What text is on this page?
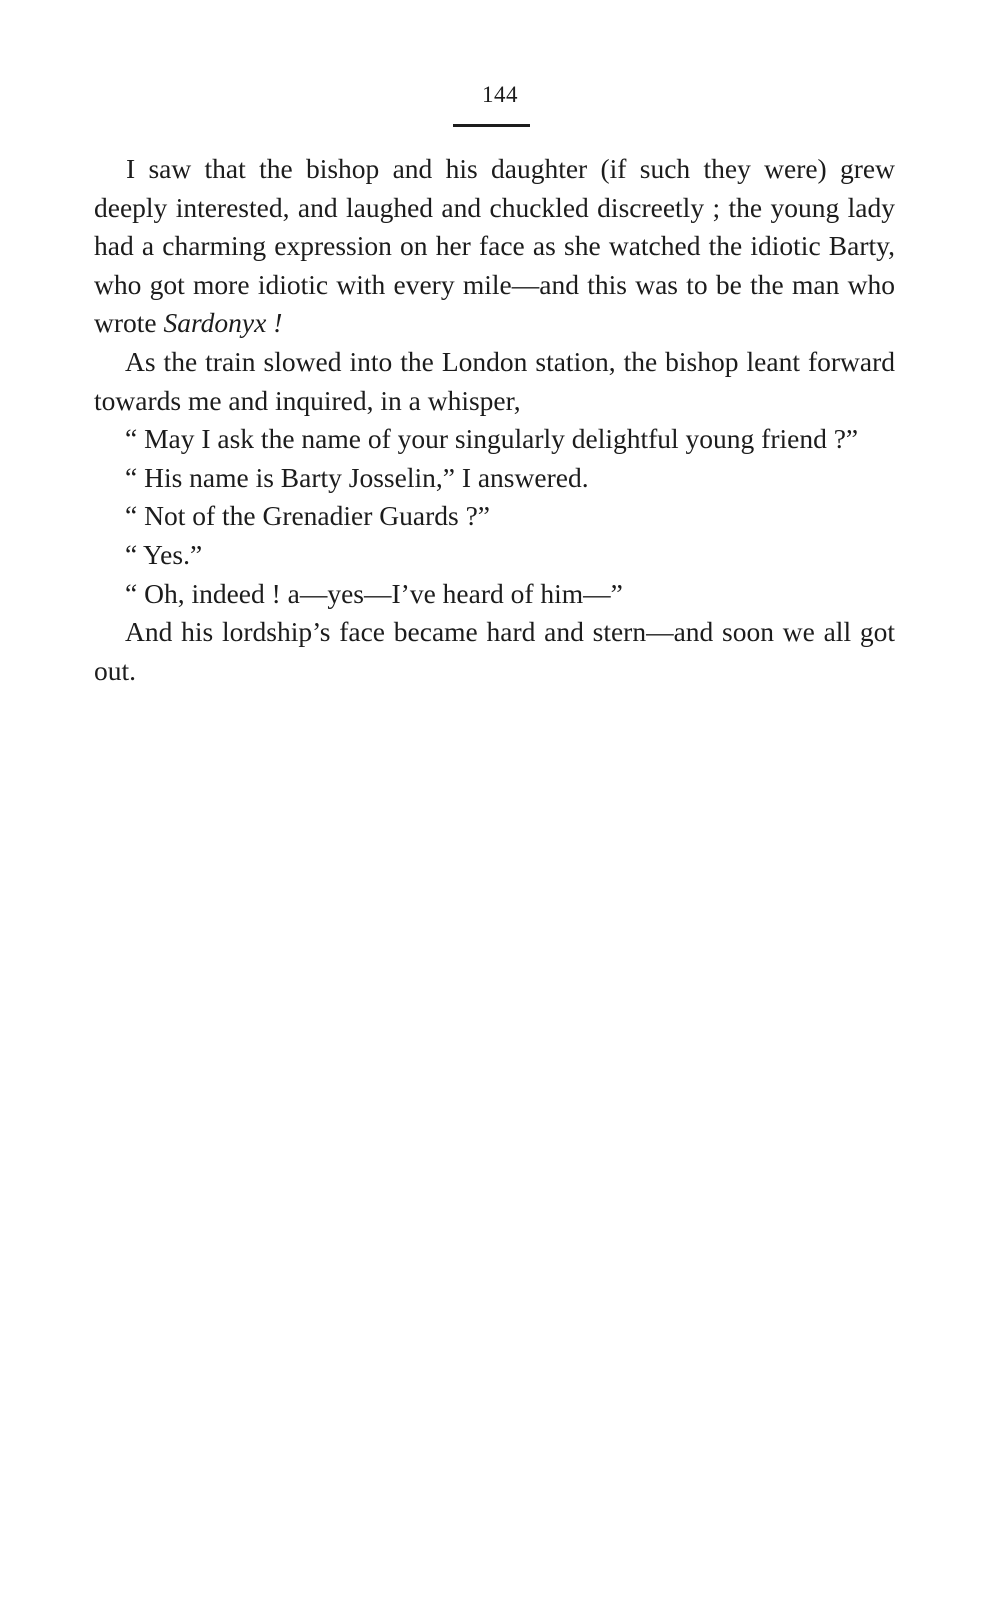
144

I saw that the bishop and his daughter (if such they were) grew deeply interested, and laughed and chuckled discreetly ; the young lady had a charming expression on her face as she watched the idiotic Barty, who got more idiotic with every mile—and this was to be the man who wrote Sardonyx !

As the train slowed into the London station, the bishop leant forward towards me and inquired, in a whisper,

“ May I ask the name of your singularly delightful young friend ?”

“ His name is Barty Josselin,” I answered.

“ Not of the Grenadier Guards ?”

“ Yes.”

“ Oh, indeed ! a—yes—I’ve heard of him—”

And his lordship’s face became hard and stern—and soon we all got out.
